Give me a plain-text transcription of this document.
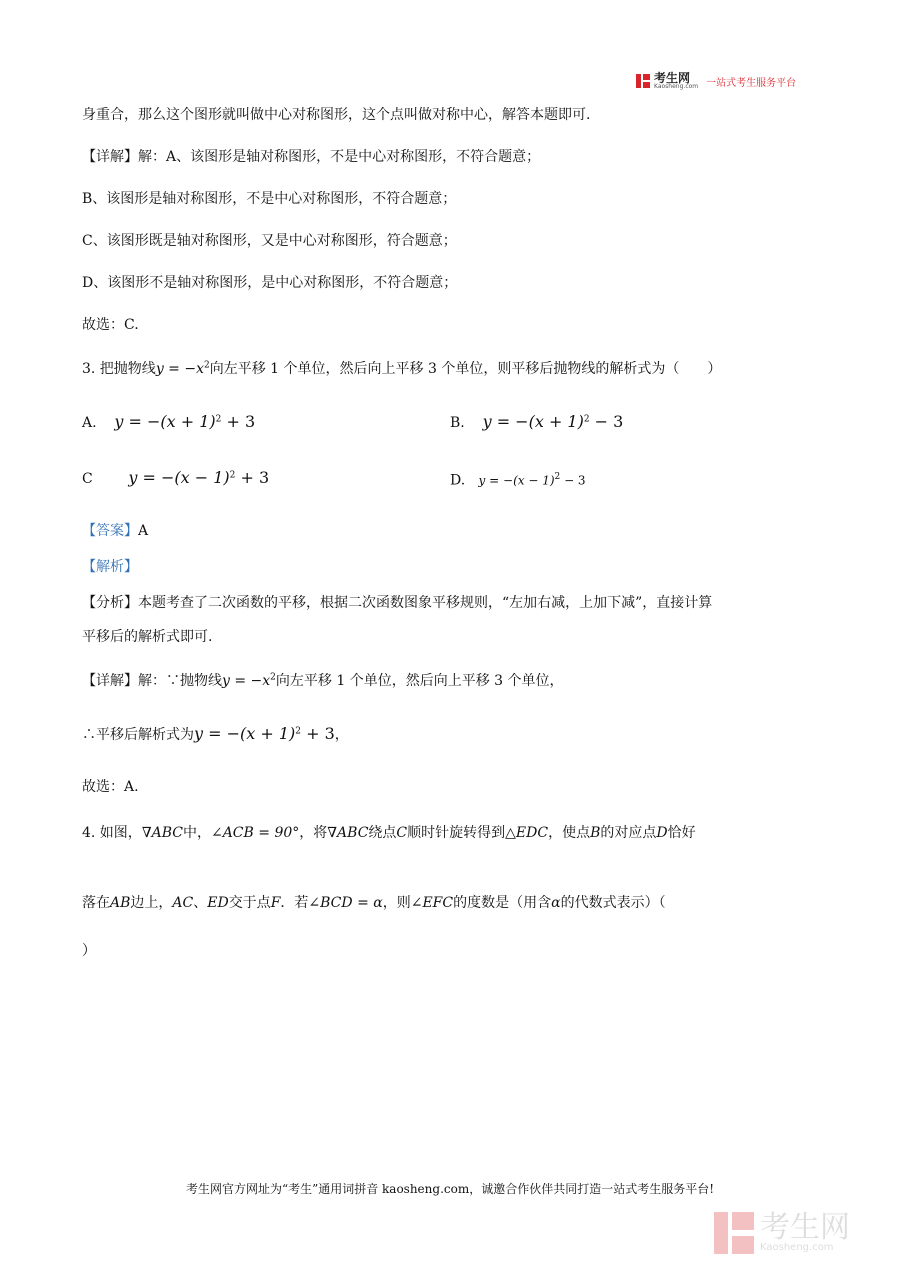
考生网
Kaosheng.com 一站式考生服务平台
身重合，那么这个图形就叫做中心对称图形，这个点叫做对称中心，解答本题即可.
【详解】解：A、该图形是轴对称图形，不是中心对称图形，不符合题意；
B、该图形是轴对称图形，不是中心对称图形，不符合题意；
C、该图形既是轴对称图形，又是中心对称图形，符合题意；
D、该图形不是轴对称图形，是中心对称图形，不符合题意；
故选：C.
3. 把抛物线$y = -x^2$向左平移 1 个单位，然后向上平移 3 个单位，则平移后抛物线的解析式为（　　）
A. $y = -(x + 1)^2 + 3$	B. $y = -(x + 1)^2 - 3$
C $y = -(x - 1)^2 + 3$	D. $y = -(x - 1)^2 - 3$
【答案】A
【解析】
【分析】本题考查了二次函数的平移，根据二次函数图象平移规则，“左加右减，上加下减”，直接计算
平移后的解析式即可.
【详解】解：∵抛物线$y = -x^2$向左平移 1 个单位，然后向上平移 3 个单位，
∴平移后解析式为$y = -(x + 1)^2 + 3$，
故选：A.
4. 如图，∇ABC中，∠ACB = 90°，将∇ABC绕点C顺时针旋转得到△EDC，使点B的对应点D恰好
落在AB边上，AC、ED交于点F．若∠BCD = α，则∠EFC的度数是（用含α的代数式表示）（
）
考生网官方网址为“考生”通用词拼音 kaosheng.com，诚邀合作伙伴共同打造一站式考生服务平台!
考生网
Kaosheng.com
